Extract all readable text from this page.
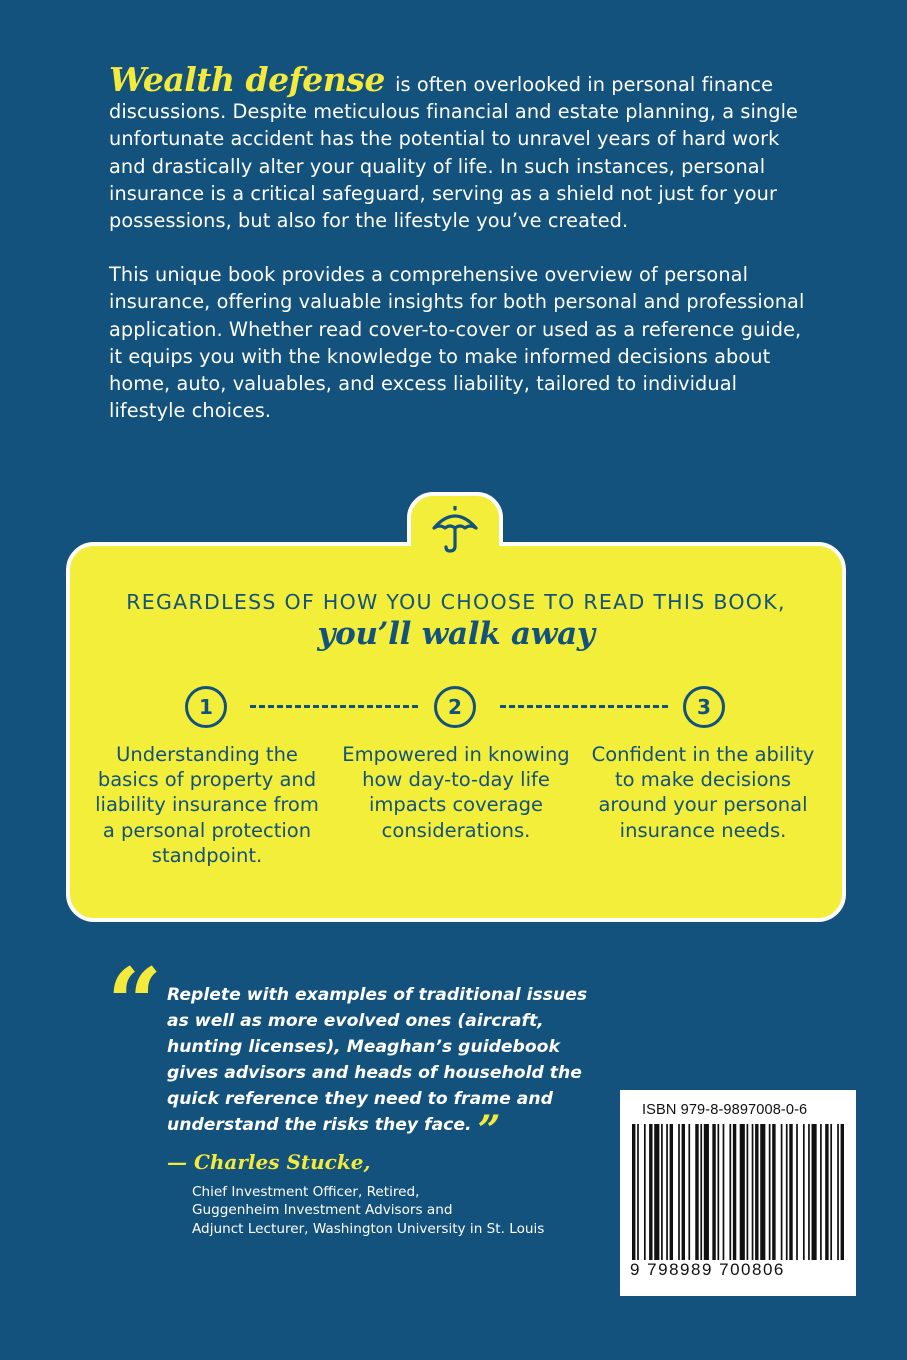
Wealth defense is often overlooked in personal finance discussions. Despite meticulous financial and estate planning, a single unfortunate accident has the potential to unravel years of hard work and drastically alter your quality of life. In such instances, personal insurance is a critical safeguard, serving as a shield not just for your possessions, but also for the lifestyle you’ve created.

This unique book provides a comprehensive overview of personal insurance, offering valuable insights for both personal and professional application. Whether read cover-to-cover or used as a reference guide, it equips you with the knowledge to make informed decisions about home, auto, valuables, and excess liability, tailored to individual lifestyle choices.

REGARDLESS OF HOW YOU CHOOSE TO READ THIS BOOK,
you’ll walk away
1	2	3
Understanding the basics of property and liability insurance from a personal protection standpoint.
Empowered in knowing how day-to-day life impacts coverage considerations.
Confident in the ability to make decisions around your personal insurance needs.
“ Replete with examples of traditional issues as well as more evolved ones (aircraft, hunting licenses), Meaghan’s guidebook gives advisors and heads of household the quick reference they need to frame and understand the risks they face. ”
— Charles Stucke,
Chief Investment Officer, Retired,
Guggenheim Investment Advisors and
Adjunct Lecturer, Washington University in St. Louis
ISBN 979-8-9897008-0-6
9 798989 700806
